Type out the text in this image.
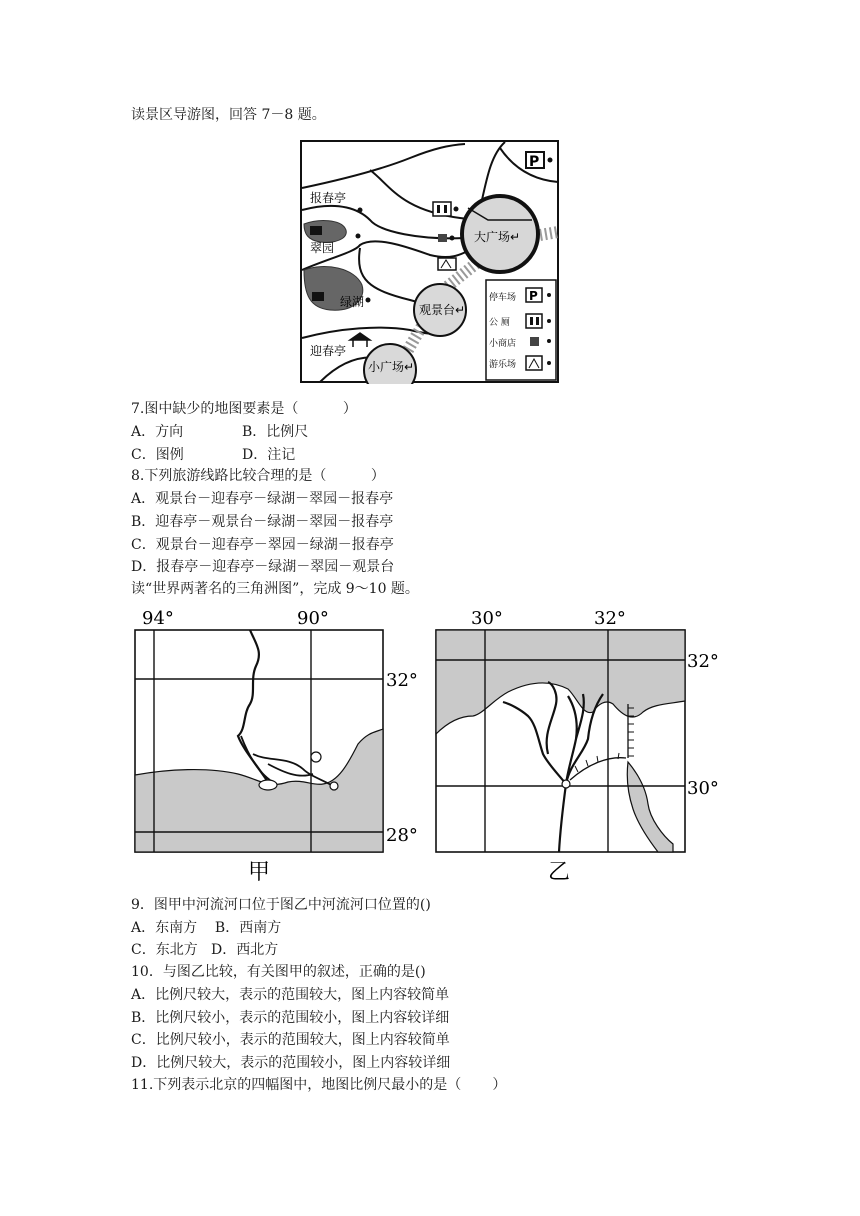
读景区导游图，回答 7－8 题。
大广场↵
观景台↵
小广场↵
报春亭
翠园
绿湖
迎春亭
P
停车场 P
公 厕
小商店
游乐场
7.图中缺少的地图要素是（          ）
A．方向	B．比例尺
C．图例	D．注记
8.下列旅游线路比较合理的是（          ）
A．观景台－迎春亭－绿湖－翠园－报春亭
B．迎春亭－观景台－绿湖－翠园－报春亭
C．观景台－迎春亭－翠园－绿湖－报春亭
D．报春亭－迎春亭－绿湖－翠园－观景台
读“世界两著名的三角洲图”，完成 9～10 题。
94°	90°
32°
28°
甲
30°	32°
32°
30°
乙
9．图甲中河流河口位于图乙中河流河口位置的()
A．东南方    B．西南方
C．东北方   D．西北方
10．与图乙比较，有关图甲的叙述，正确的是()
A．比例尺较大，表示的范围较大，图上内容较简单
B．比例尺较小，表示的范围较小，图上内容较详细
C．比例尺较小，表示的范围较大，图上内容较简单
D．比例尺较大，表示的范围较小，图上内容较详细
11.下列表示北京的四幅图中，地图比例尺最小的是（       ）
